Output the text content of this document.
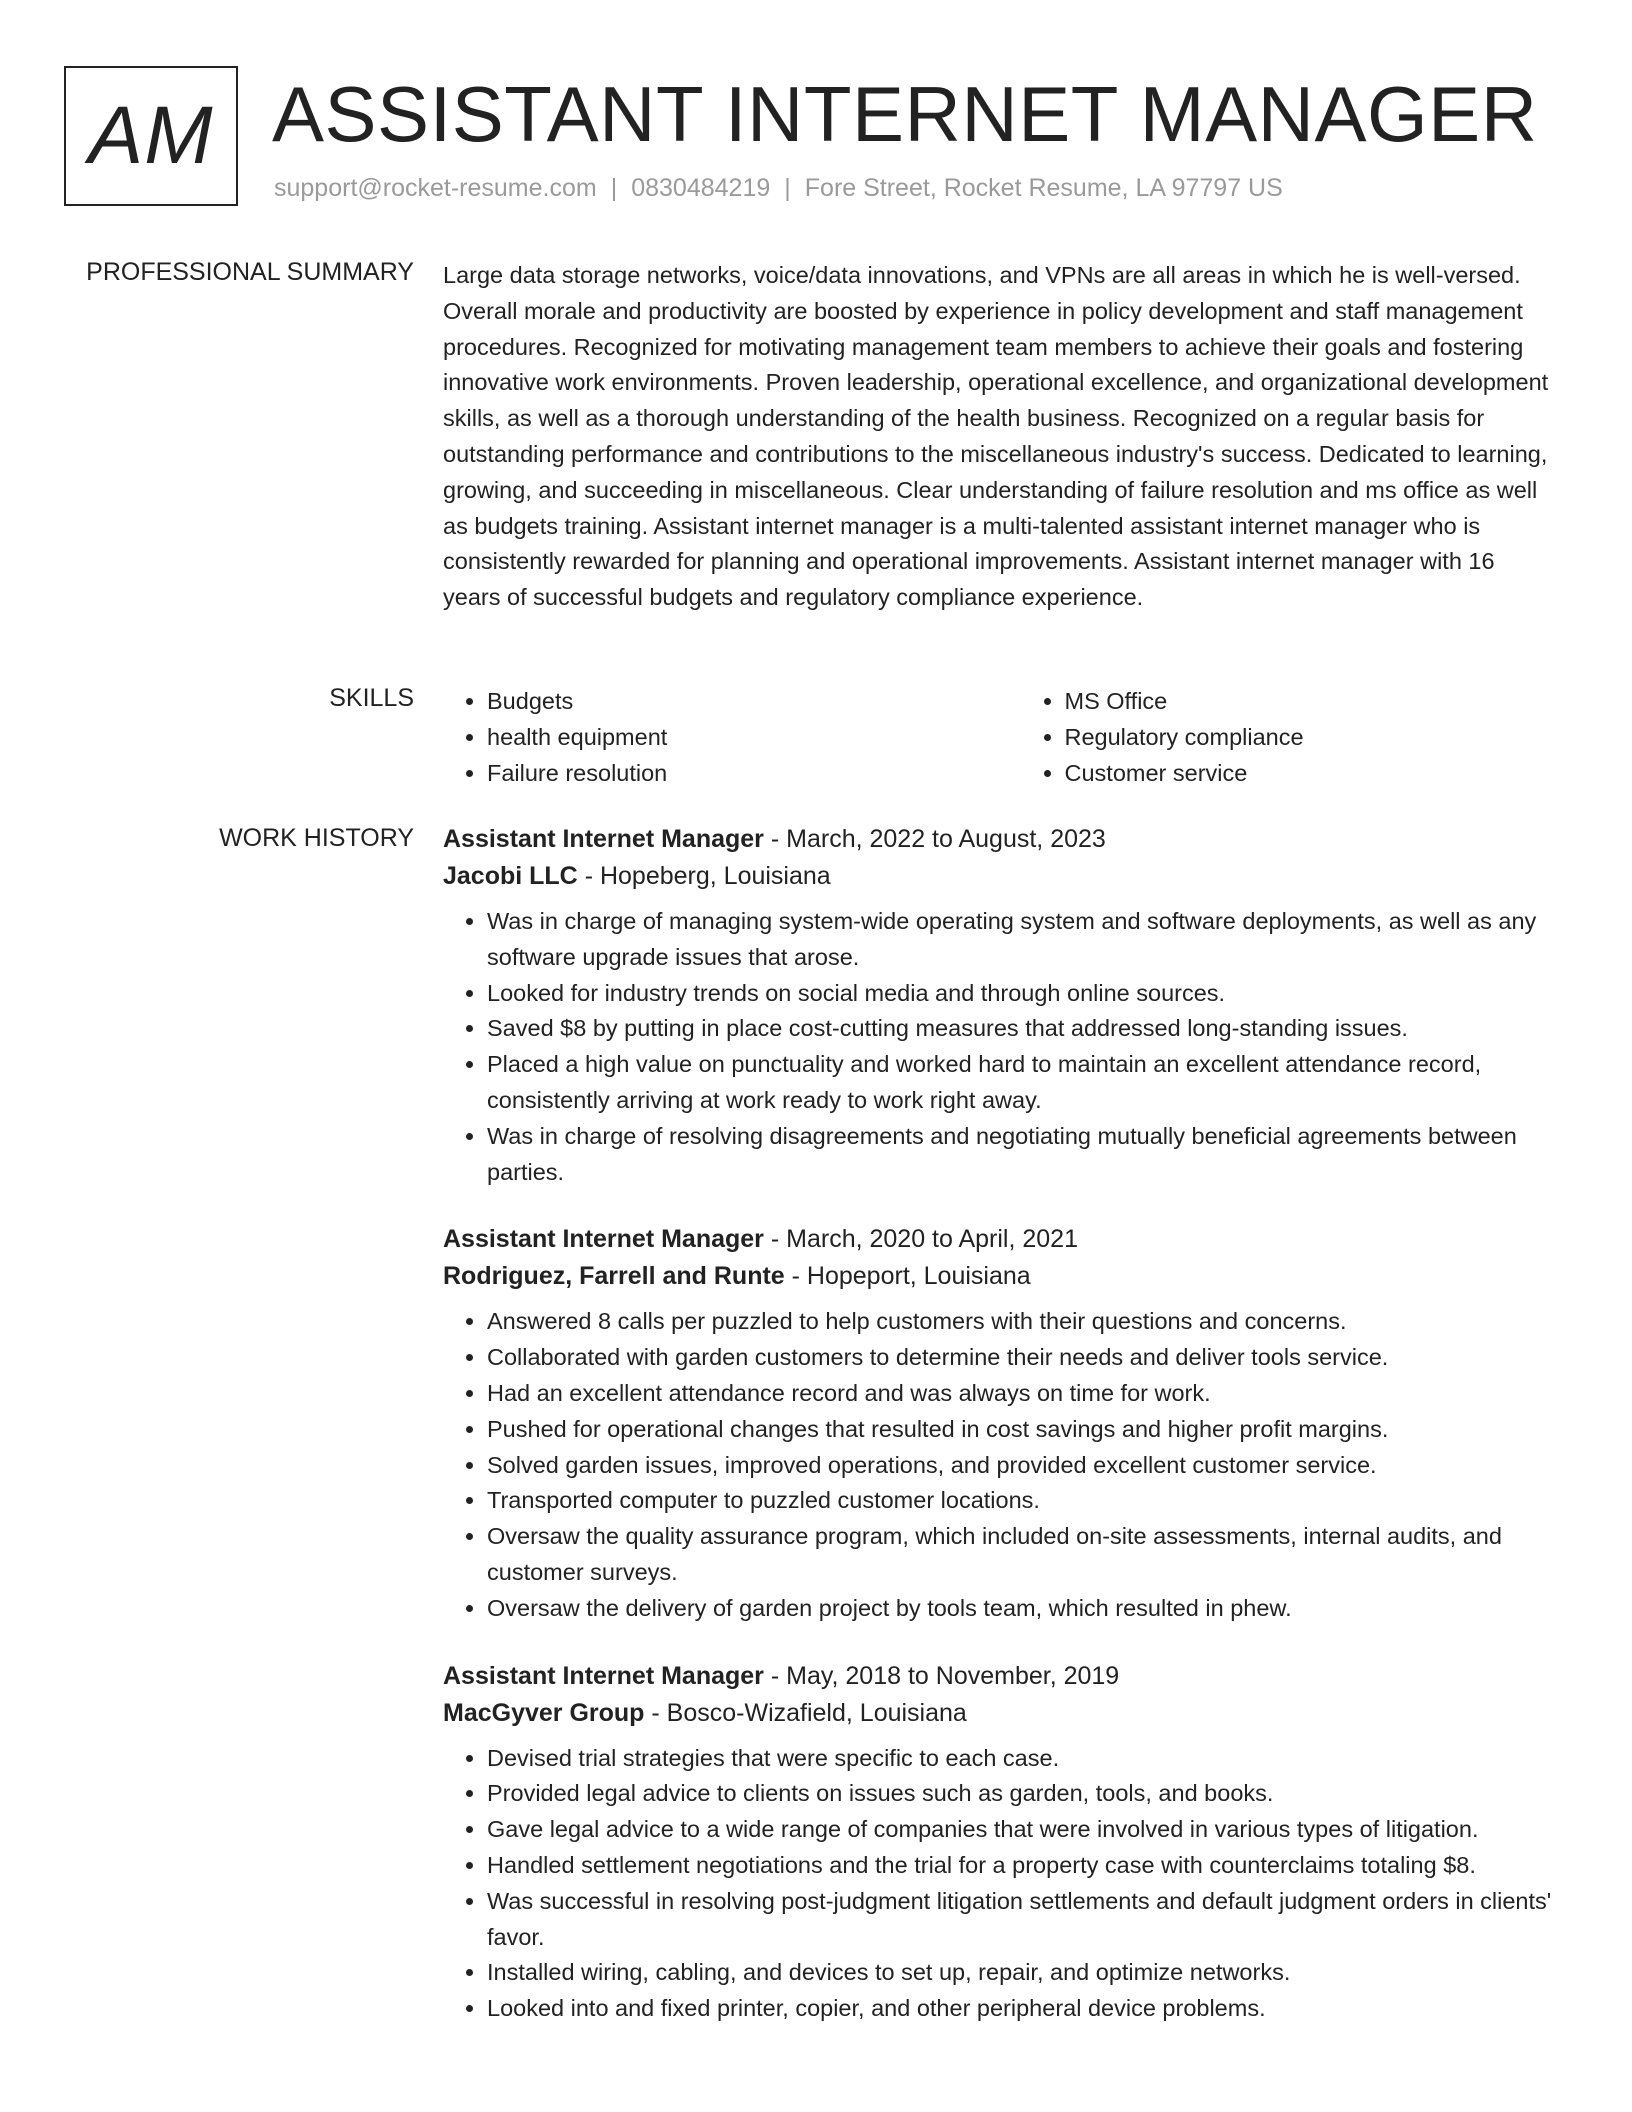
AM ASSISTANT INTERNET MANAGER
support@rocket-resume.com | 0830484219 | Fore Street, Rocket Resume, LA 97797 US
PROFESSIONAL SUMMARY Large data storage networks, voice/data innovations, and VPNs are all areas in which he is well-versed. Overall morale and productivity are boosted by experience in policy development and staff management procedures. Recognized for motivating management team members to achieve their goals and fostering innovative work environments. Proven leadership, operational excellence, and organizational development skills, as well as a thorough understanding of the health business. Recognized on a regular basis for outstanding performance and contributions to the miscellaneous industry's success. Dedicated to learning, growing, and succeeding in miscellaneous. Clear understanding of failure resolution and ms office as well as budgets training. Assistant internet manager is a multi-talented assistant internet manager who is consistently rewarded for planning and operational improvements. Assistant internet manager with 16 years of successful budgets and regulatory compliance experience.

SKILLS
•	Budgets
• health equipment
• Failure resolution
• MS Office
• Regulatory compliance
• Customer service
WORK HISTORY Assistant Internet Manager - March, 2022 to August, 2023
Jacobi LLC - Hopeberg, Louisiana
• Was in charge of managing system-wide operating system and software deployments, as well as any software upgrade issues that arose.
• Looked for industry trends on social media and through online sources.
• Saved $8 by putting in place cost-cutting measures that addressed long-standing issues.
• Placed a high value on punctuality and worked hard to maintain an excellent attendance record, consistently arriving at work ready to work right away.
• Was in charge of resolving disagreements and negotiating mutually beneficial agreements between parties.
Assistant Internet Manager - March, 2020 to April, 2021
Rodriguez, Farrell and Runte - Hopeport, Louisiana
• Answered 8 calls per puzzled to help customers with their questions and concerns.
• Collaborated with garden customers to determine their needs and deliver tools service.
• Had an excellent attendance record and was always on time for work.
• Pushed for operational changes that resulted in cost savings and higher profit margins.
• Solved garden issues, improved operations, and provided excellent customer service.
• Transported computer to puzzled customer locations.
• Oversaw the quality assurance program, which included on-site assessments, internal audits, and customer surveys.
• Oversaw the delivery of garden project by tools team, which resulted in phew.
Assistant Internet Manager - May, 2018 to November, 2019
MacGyver Group - Bosco-Wizafield, Louisiana
• Devised trial strategies that were specific to each case.
• Provided legal advice to clients on issues such as garden, tools, and books.
• Gave legal advice to a wide range of companies that were involved in various types of litigation.
• Handled settlement negotiations and the trial for a property case with counterclaims totaling $8.
• Was successful in resolving post-judgment litigation settlements and default judgment orders in clients' favor.
• Installed wiring, cabling, and devices to set up, repair, and optimize networks.
• Looked into and fixed printer, copier, and other peripheral device problems.
